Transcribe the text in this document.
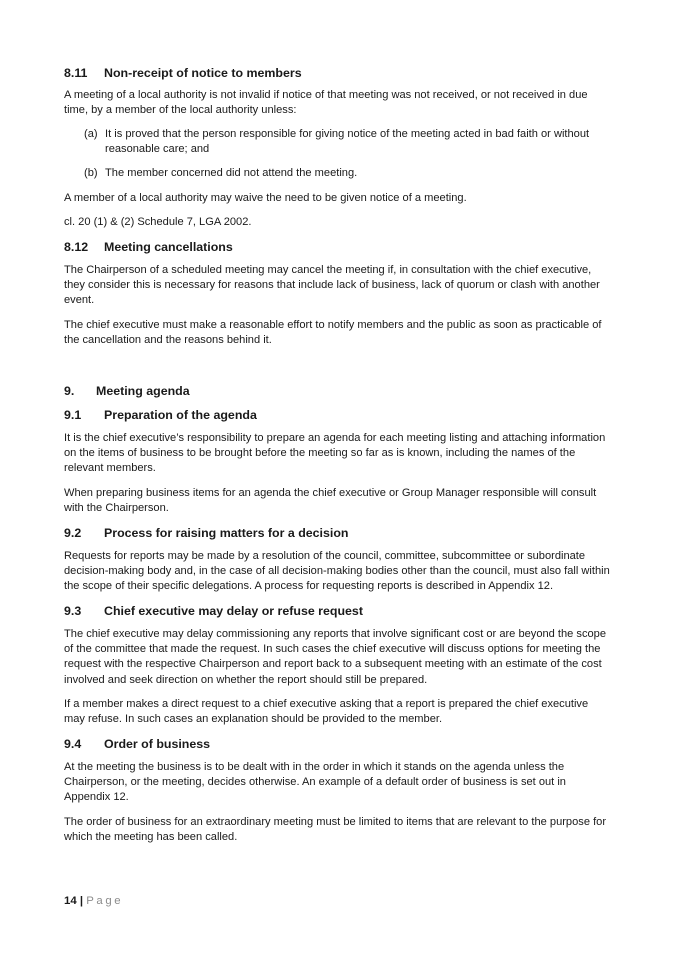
8.11 Non-receipt of notice to members
A meeting of a local authority is not invalid if notice of that meeting was not received, or not received in due time, by a member of the local authority unless:
(a) It is proved that the person responsible for giving notice of the meeting acted in bad faith or without reasonable care; and
(b) The member concerned did not attend the meeting.
A member of a local authority may waive the need to be given notice of a meeting.
cl. 20 (1) & (2) Schedule 7, LGA 2002.
8.12 Meeting cancellations
The Chairperson of a scheduled meeting may cancel the meeting if, in consultation with the chief executive, they consider this is necessary for reasons that include lack of business, lack of quorum or clash with another event.
The chief executive must make a reasonable effort to notify members and the public as soon as practicable of the cancellation and the reasons behind it.
9. Meeting agenda
9.1 Preparation of the agenda
It is the chief executive’s responsibility to prepare an agenda for each meeting listing and attaching information on the items of business to be brought before the meeting so far as is known, including the names of the relevant members.
When preparing business items for an agenda the chief executive or Group Manager responsible will consult with the Chairperson.
9.2 Process for raising matters for a decision
Requests for reports may be made by a resolution of the council, committee, subcommittee or subordinate decision-making body and, in the case of all decision-making bodies other than the council, must also fall within the scope of their specific delegations. A process for requesting reports is described in Appendix 12.
9.3 Chief executive may delay or refuse request
The chief executive may delay commissioning any reports that involve significant cost or are beyond the scope of the committee that made the request. In such cases the chief executive will discuss options for meeting the request with the respective Chairperson and report back to a subsequent meeting with an estimate of the cost involved and seek direction on whether the report should still be prepared.
If a member makes a direct request to a chief executive asking that a report is prepared the chief executive may refuse. In such cases an explanation should be provided to the member.
9.4 Order of business
At the meeting the business is to be dealt with in the order in which it stands on the agenda unless the Chairperson, or the meeting, decides otherwise. An example of a default order of business is set out in Appendix 12.
The order of business for an extraordinary meeting must be limited to items that are relevant to the purpose for which the meeting has been called.
14 | Page
